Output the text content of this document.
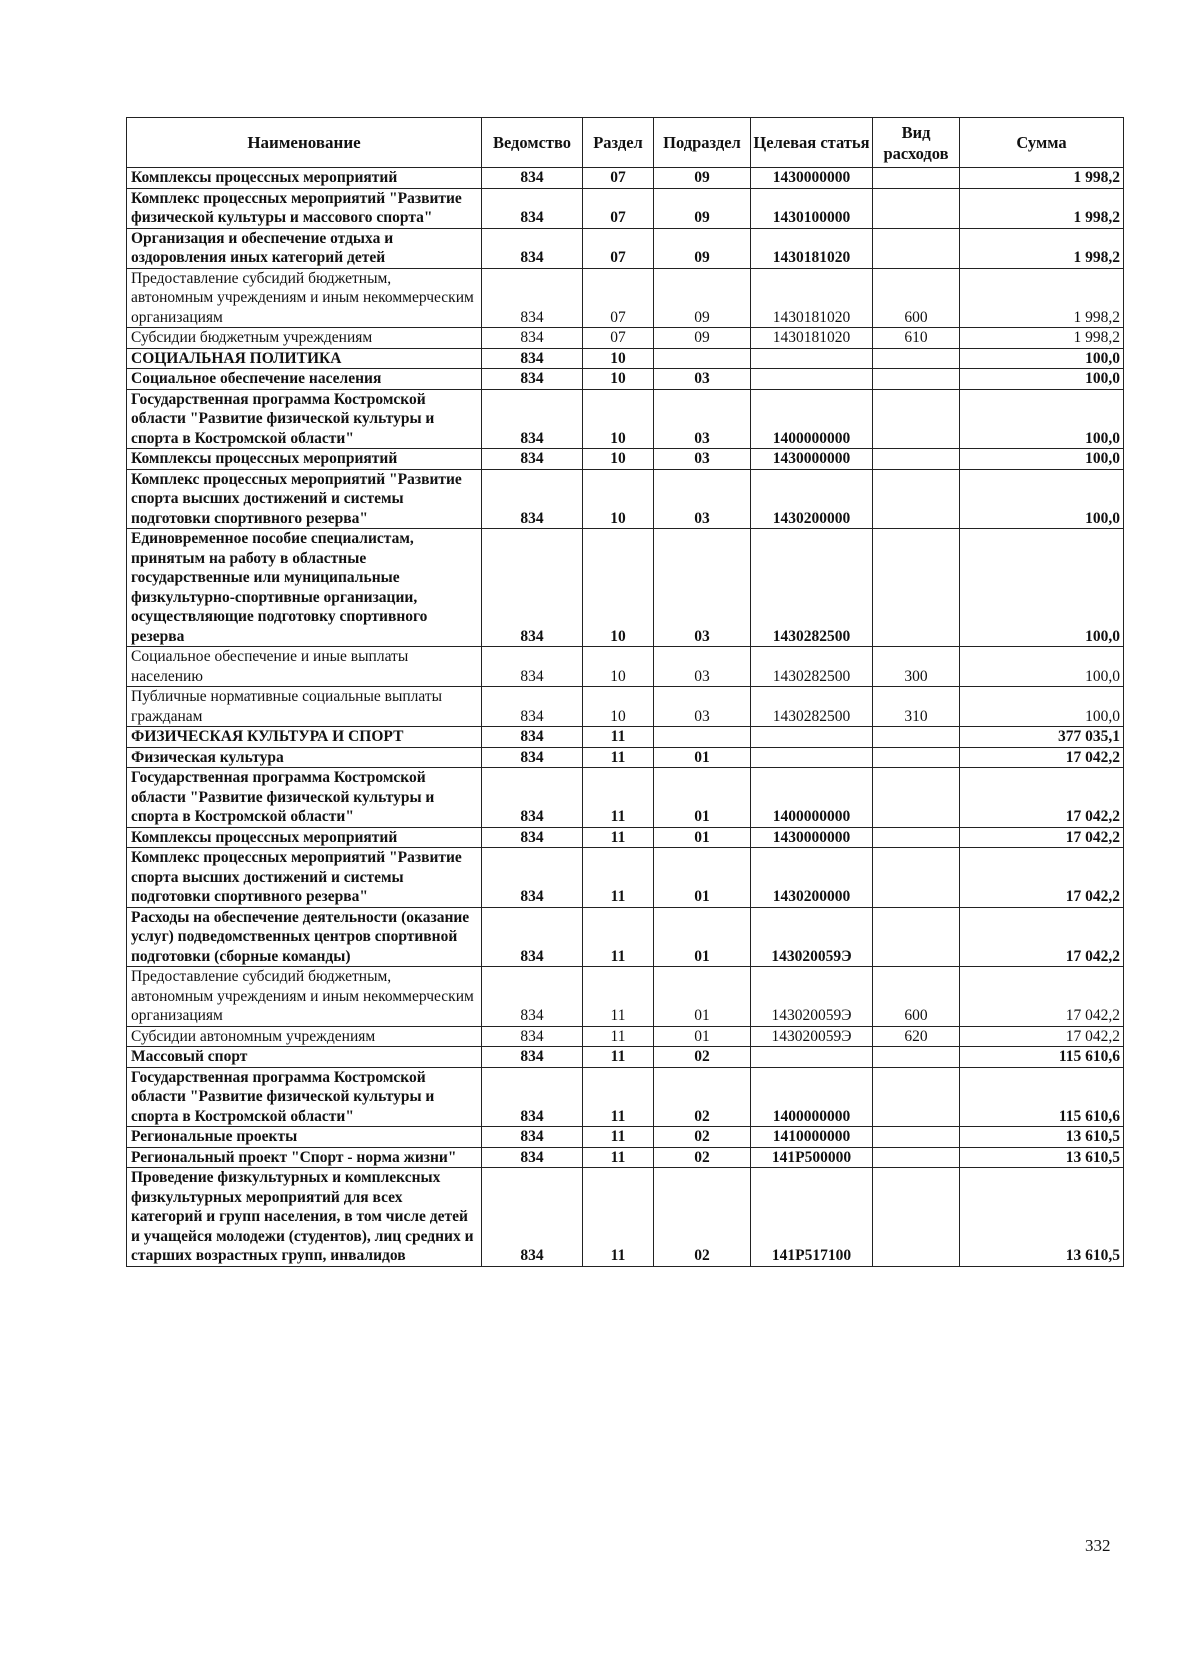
Наименование	Ведомство	Раздел	Подраздел	Целевая статья	Вид расходов	Сумма
Комплексы процессных мероприятий	834	07	09	1430000000		1 998,2
Комплекс процессных мероприятий "Развитие физической культуры и массового спорта"	834	07	09	1430100000		1 998,2
Организация и обеспечение отдыха и оздоровления иных категорий детей	834	07	09	1430181020		1 998,2
Предоставление субсидий бюджетным, автономным учреждениям и иным некоммерческим организациям	834	07	09	1430181020	600	1 998,2
Субсидии бюджетным учреждениям	834	07	09	1430181020	610	1 998,2
СОЦИАЛЬНАЯ ПОЛИТИКА	834	10				100,0
Социальное обеспечение населения	834	10	03			100,0
Государственная программа Костромской области "Развитие физической культуры и спорта в Костромской области"	834	10	03	1400000000		100,0
Комплексы процессных мероприятий	834	10	03	1430000000		100,0
Комплекс процессных мероприятий "Развитие спорта высших достижений и системы подготовки спортивного резерва"	834	10	03	1430200000		100,0
Единовременное пособие специалистам, принятым на работу в областные государственные или муниципальные физкультурно-спортивные организации, осуществляющие подготовку спортивного резерва	834	10	03	1430282500		100,0
Социальное обеспечение и иные выплаты населению	834	10	03	1430282500	300	100,0
Публичные нормативные социальные выплаты гражданам	834	10	03	1430282500	310	100,0
ФИЗИЧЕСКАЯ КУЛЬТУРА И СПОРТ	834	11				377 035,1
Физическая культура	834	11	01			17 042,2
Государственная программа Костромской области "Развитие физической культуры и спорта в Костромской области"	834	11	01	1400000000		17 042,2
Комплексы процессных мероприятий	834	11	01	1430000000		17 042,2
Комплекс процессных мероприятий "Развитие спорта высших достижений и системы подготовки спортивного резерва"	834	11	01	1430200000		17 042,2
Расходы на обеспечение деятельности (оказание услуг) подведомственных центров спортивной подготовки (сборные команды)	834	11	01	143020059Э		17 042,2
Предоставление субсидий бюджетным, автономным учреждениям и иным некоммерческим организациям	834	11	01	143020059Э	600	17 042,2
Субсидии автономным учреждениям	834	11	01	143020059Э	620	17 042,2
Массовый спорт	834	11	02			115 610,6
Государственная программа Костромской области "Развитие физической культуры и спорта в Костромской области"	834	11	02	1400000000		115 610,6
Региональные проекты	834	11	02	1410000000		13 610,5
Региональный проект "Спорт - норма жизни"	834	11	02	141Р500000		13 610,5
Проведение физкультурных и комплексных физкультурных мероприятий для всех категорий и групп населения, в том числе детей и учащейся молодежи (студентов), лиц средних и старших возрастных групп, инвалидов	834	11	02	141Р517100		13 610,5
332
